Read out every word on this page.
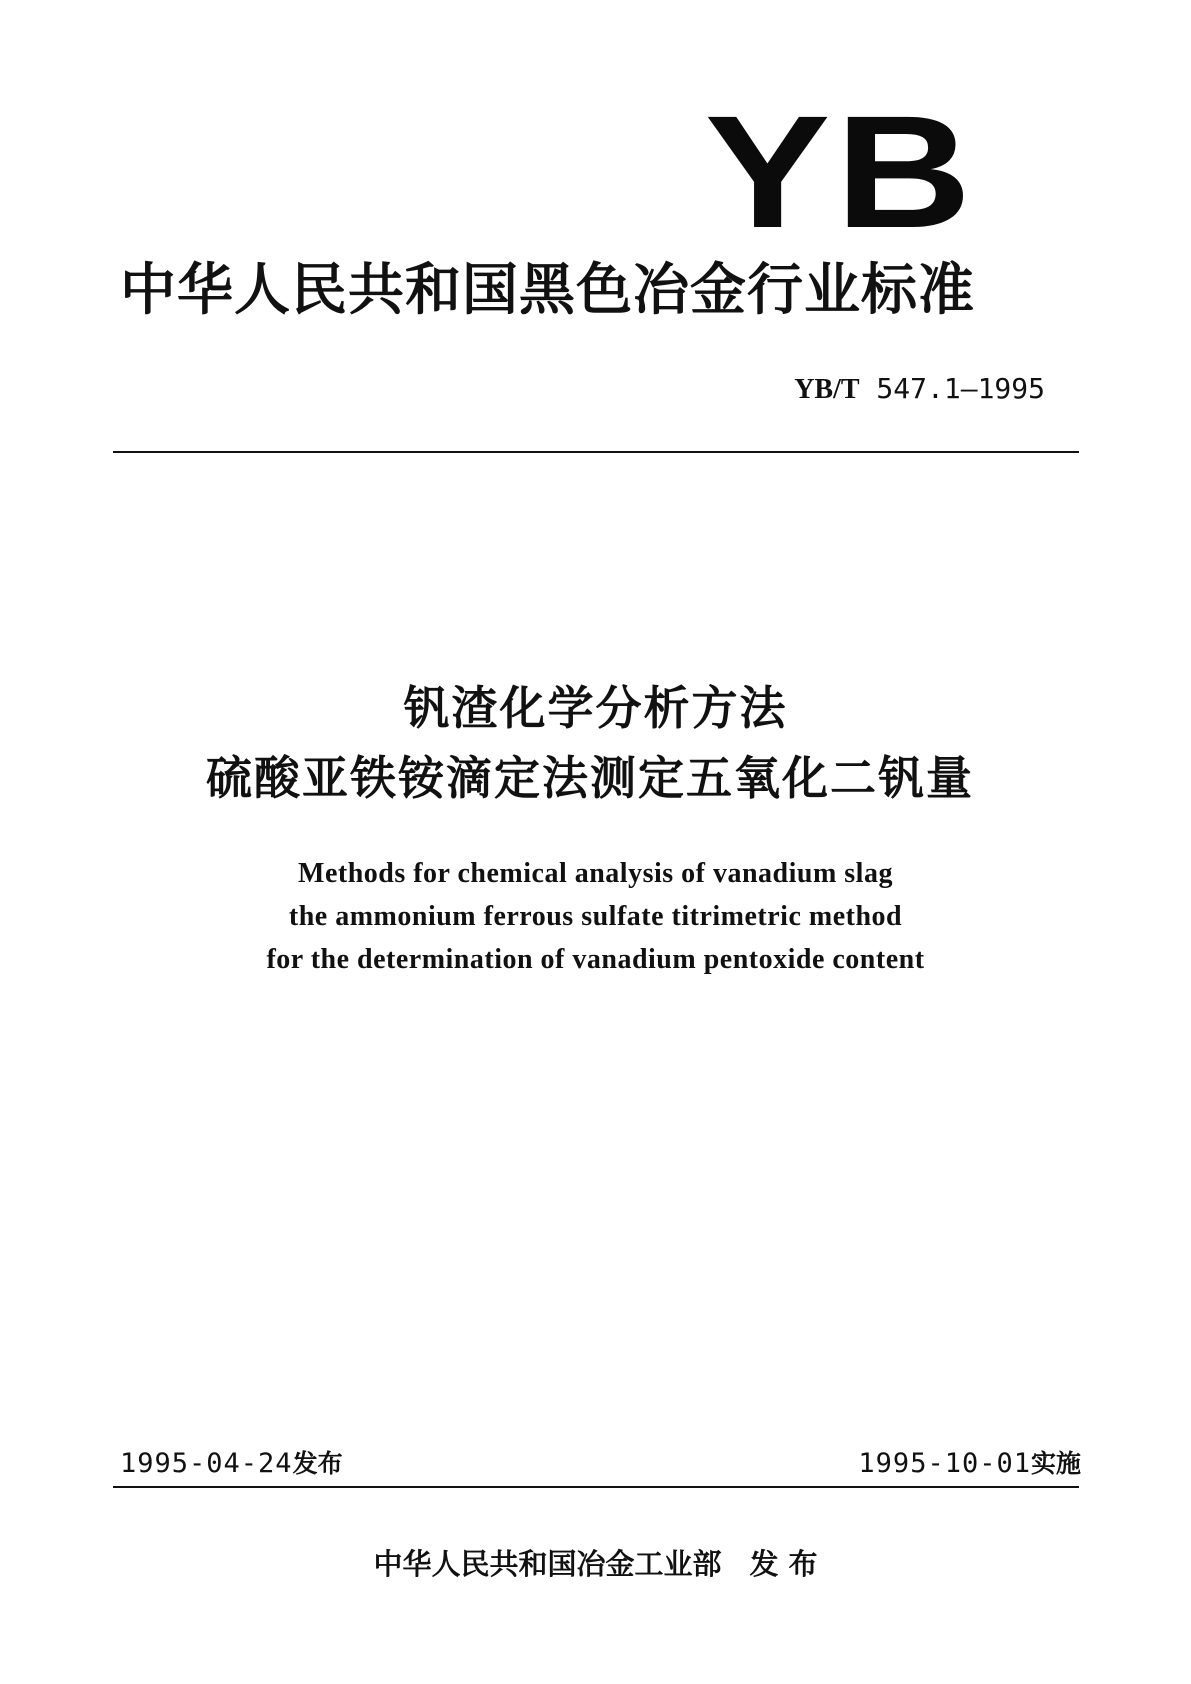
YB
中华人民共和国黑色冶金行业标准
YB/T 547.1—1995
钒渣化学分析方法
硫酸亚铁铵滴定法测定五氧化二钒量
Methods for chemical analysis of vanadium slag
the ammonium ferrous sulfate titrimetric method
for the determination of vanadium pentoxide content
1995-04-24发布	1995-10-01实施
中华人民共和国冶金工业部 发 布
